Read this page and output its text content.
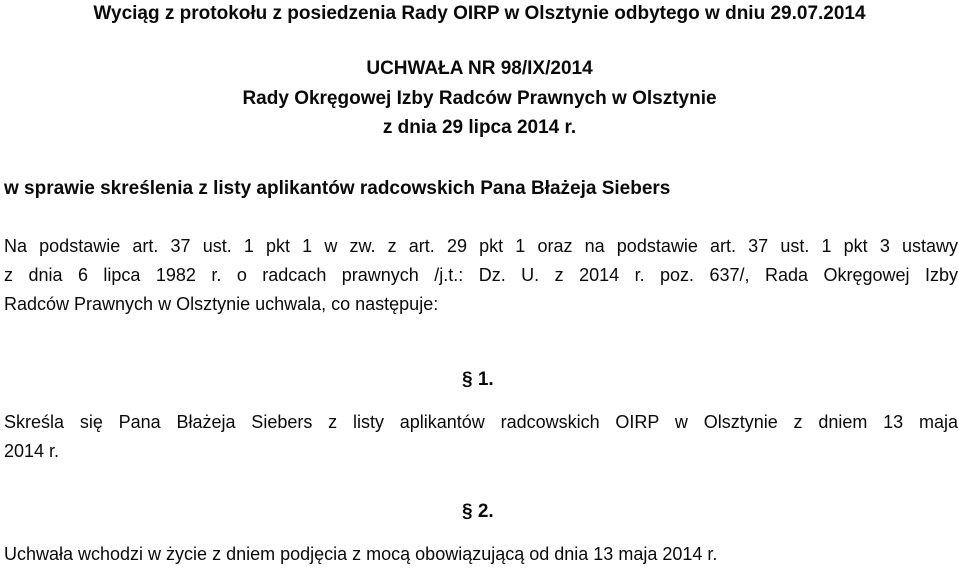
Wyciąg z protokołu z posiedzenia Rady OIRP w Olsztynie odbytego w dniu 29.07.2014
UCHWAŁA NR 98/IX/2014
Rady Okręgowej Izby Radców Prawnych w Olsztynie
z dnia 29 lipca 2014 r.
w sprawie skreślenia z listy aplikantów radcowskich Pana Błażeja Siebers
Na podstawie art. 37 ust. 1 pkt 1 w zw. z art. 29 pkt 1 oraz na podstawie art. 37 ust. 1 pkt 3 ustawy
z dnia 6 lipca 1982 r. o radcach prawnych /j.t.: Dz. U. z 2014 r. poz. 637/, Rada Okręgowej Izby
Radców Prawnych w Olsztynie uchwala, co następuje:
§ 1.
Skreśla się Pana Błażeja Siebers z listy aplikantów radcowskich OIRP w Olsztynie z dniem 13 maja
2014 r.
§ 2.
Uchwała wchodzi w życie z dniem podjęcia z mocą obowiązującą od dnia 13 maja 2014 r.
